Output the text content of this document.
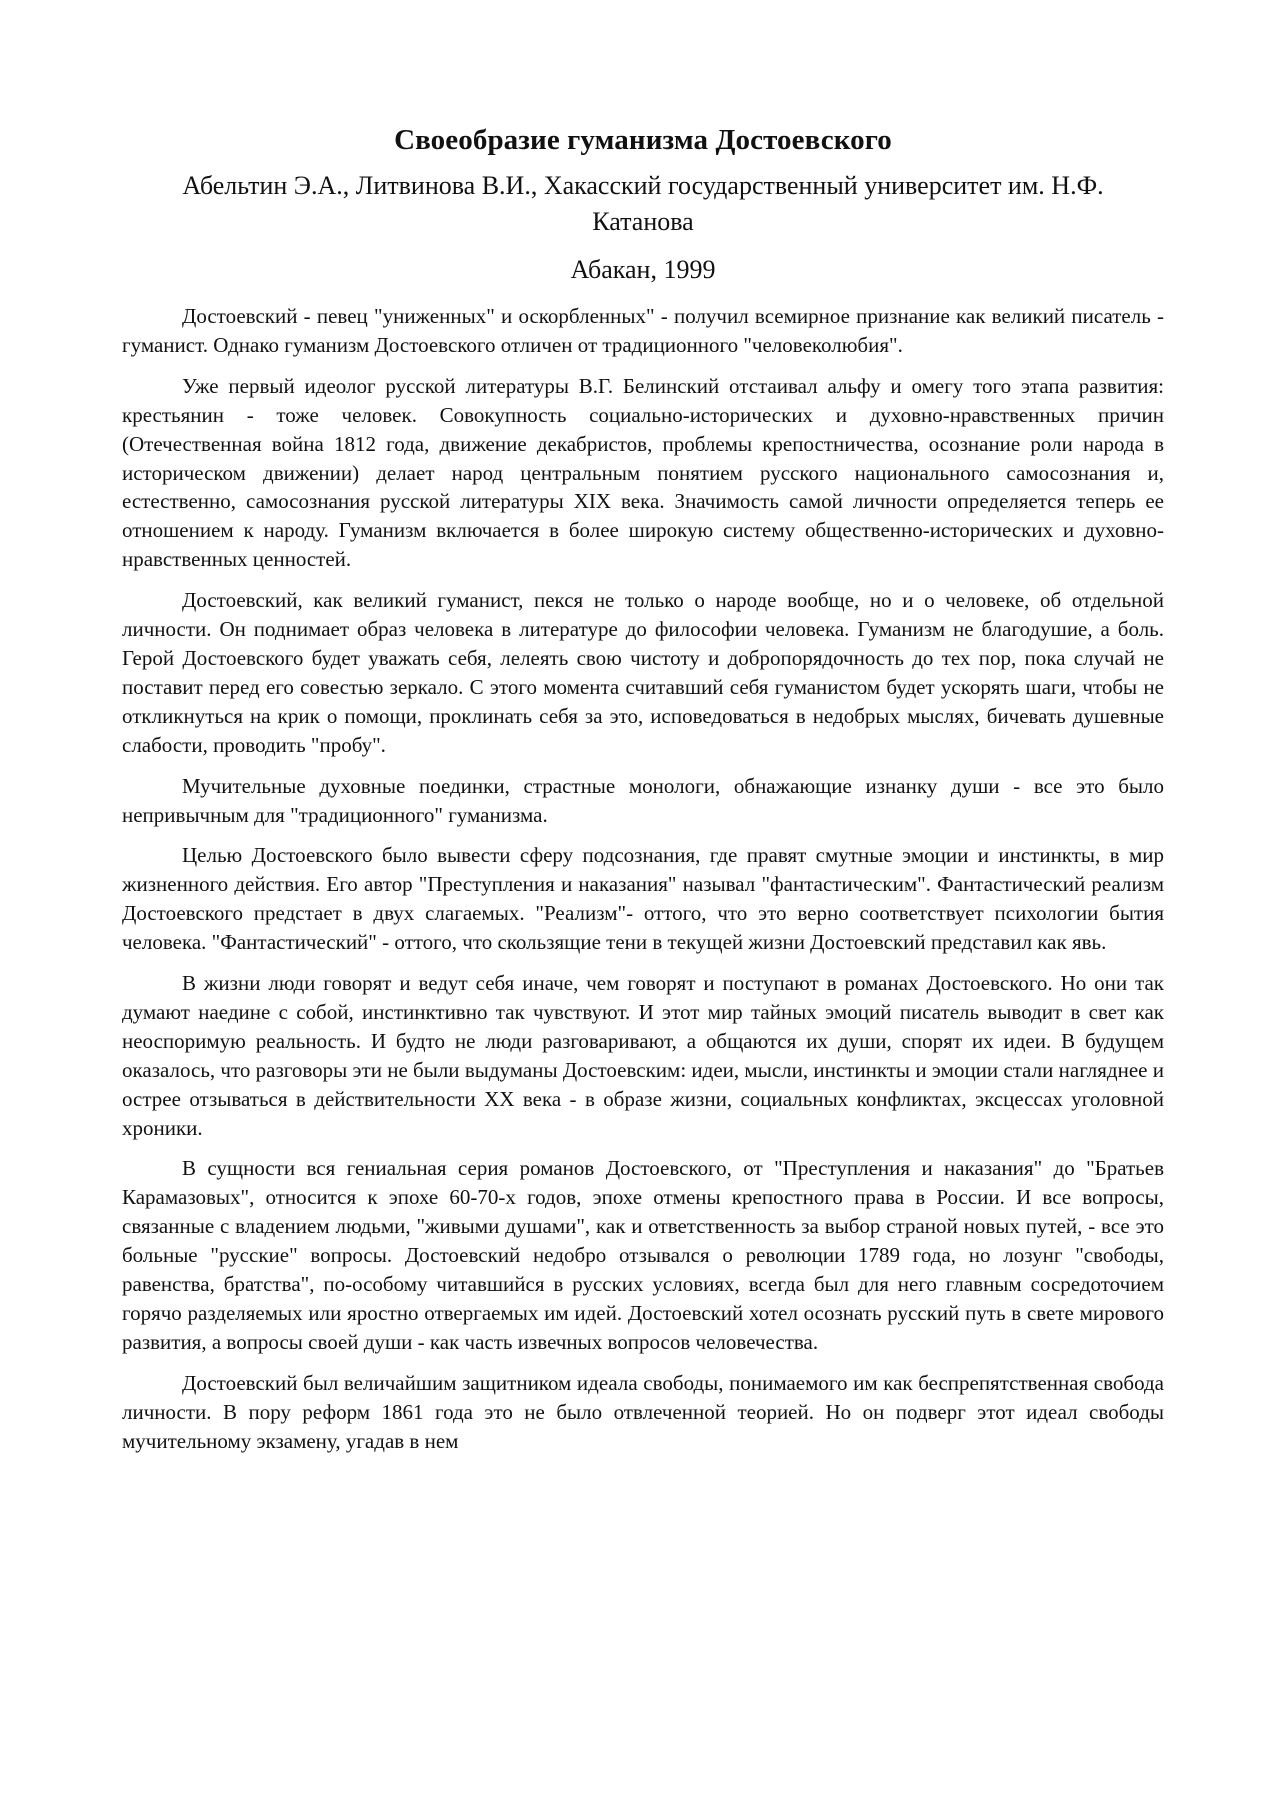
Своеобразие гуманизма Достоевского
Абельтин Э.А., Литвинова В.И., Хакасский государственный университет им. Н.Ф. Катанова
Абакан, 1999

Достоевский - певец "униженных" и оскорбленных" - получил всемирное признание как великий писатель - гуманист. Однако гуманизм Достоевского отличен от традиционного "человеколюбия".

Уже первый идеолог русской литературы В.Г. Белинский отстаивал альфу и омегу того этапа развития: крестьянин - тоже человек. Совокупность социально-исторических и духовно-нравственных причин (Отечественная война 1812 года, движение декабристов, проблемы крепостничества, осознание роли народа в историческом движении) делает народ центральным понятием русского национального самосознания и, естественно, самосознания русской литературы XIX века. Значимость самой личности определяется теперь ее отношением к народу. Гуманизм включается в более широкую систему общественно-исторических и духовно-нравственных ценностей.

Достоевский, как великий гуманист, пекся не только о народе вообще, но и о человеке, об отдельной личности. Он поднимает образ человека в литературе до философии человека. Гуманизм не благодушие, а боль. Герой Достоевского будет уважать себя, лелеять свою чистоту и добропорядочность до тех пор, пока случай не поставит перед его совестью зеркало. С этого момента считавший себя гуманистом будет ускорять шаги, чтобы не откликнуться на крик о помощи, проклинать себя за это, исповедоваться в недобрых мыслях, бичевать душевные слабости, проводить "пробу".

Мучительные духовные поединки, страстные монологи, обнажающие изнанку души - все это было непривычным для "традиционного" гуманизма.

Целью Достоевского было вывести сферу подсознания, где правят смутные эмоции и инстинкты, в мир жизненного действия. Его автор "Преступления и наказания" называл "фантастическим". Фантастический реализм Достоевского предстает в двух слагаемых. "Реализм"- оттого, что это верно соответствует психологии бытия человека. "Фантастический" - оттого, что скользящие тени в текущей жизни Достоевский представил как явь.

В жизни люди говорят и ведут себя иначе, чем говорят и поступают в романах Достоевского. Но они так думают наедине с собой, инстинктивно так чувствуют. И этот мир тайных эмоций писатель выводит в свет как неоспоримую реальность. И будто не люди разговаривают, а общаются их души, спорят их идеи. В будущем оказалось, что разговоры эти не были выдуманы Достоевским: идеи, мысли, инстинкты и эмоции стали нагляднее и острее отзываться в действительности XX века - в образе жизни, социальных конфликтах, эксцессах уголовной хроники.

В сущности вся гениальная серия романов Достоевского, от "Преступления и наказания" до "Братьев Карамазовых", относится к эпохе 60-70-х годов, эпохе отмены крепостного права в России. И все вопросы, связанные с владением людьми, "живыми душами", как и ответственность за выбор страной новых путей, - все это больные "русские" вопросы. Достоевский недобро отзывался о революции 1789 года, но лозунг "свободы, равенства, братства", по-особому читавшийся в русских условиях, всегда был для него главным сосредоточием горячо разделяемых или яростно отвергаемых им идей. Достоевский хотел осознать русский путь в свете мирового развития, а вопросы своей души - как часть извечных вопросов человечества.

Достоевский был величайшим защитником идеала свободы, понимаемого им как беспрепятственная свобода личности. В пору реформ 1861 года это не было отвлеченной теорией. Но он подверг этот идеал свободы мучительному экзамену, угадав в нем
